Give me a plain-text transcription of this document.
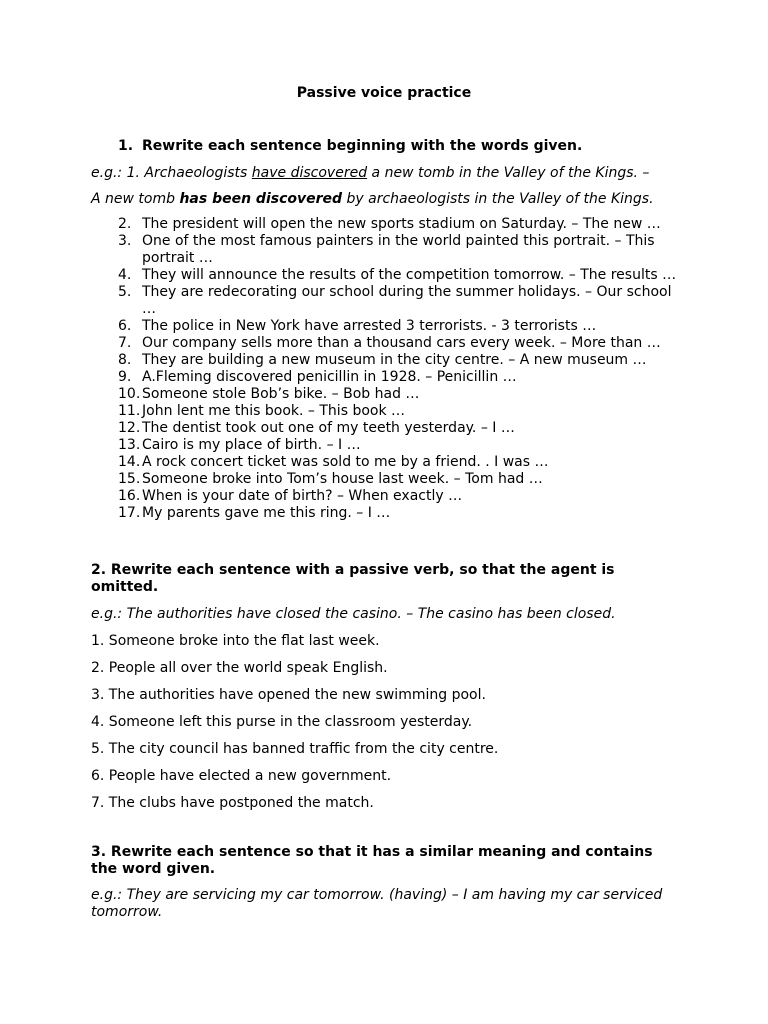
Passive voice practice
1. Rewrite each sentence beginning with the words given.
e.g.: 1. Archaeologists have discovered a new tomb in the Valley of the Kings. –
A new tomb has been discovered by archaeologists in the Valley of the Kings.
2. The president will open the new sports stadium on Saturday. – The new …
3. One of the most famous painters in the world painted this portrait. – This portrait …
4. They will announce the results of the competition tomorrow. – The results …
5. They are redecorating our school during the summer holidays. – Our school …
6. The police in New York have arrested 3 terrorists. - 3 terrorists …
7. Our company sells more than a thousand cars every week. – More than …
8. They are building a new museum in the city centre. – A new museum …
9. A.Fleming discovered penicillin in 1928. – Penicillin …
10. Someone stole Bob’s bike. – Bob had …
11. John lent me this book. – This book …
12. The dentist took out one of my teeth yesterday. – I …
13. Cairo is my place of birth. – I …
14. A rock concert ticket was sold to me by a friend. . I was …
15. Someone broke into Tom’s house last week. – Tom had …
16. When is your date of birth? – When exactly …
17. My parents gave me this ring. – I …
2. Rewrite each sentence with a passive verb, so that the agent is omitted.
e.g.: The authorities have closed the casino. – The casino has been closed.
1. Someone broke into the flat last week.
2. People all over the world speak English.
3. The authorities have opened the new swimming pool.
4. Someone left this purse in the classroom yesterday.
5. The city council has banned traffic from the city centre.
6. People have elected a new government.
7. The clubs have postponed the match.
3. Rewrite each sentence so that it has a similar meaning and contains the word given.
e.g.: They are servicing my car tomorrow. (having) – I am having my car serviced tomorrow.
